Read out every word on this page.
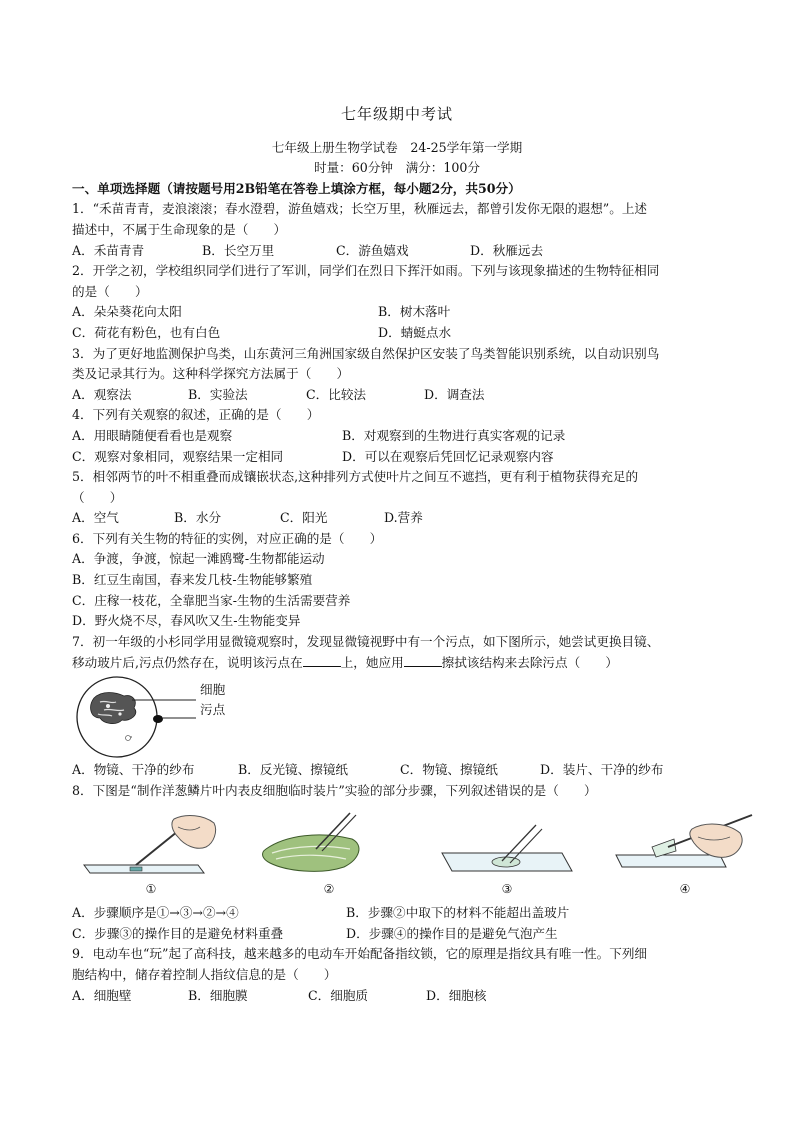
七年级期中考试
七年级上册生物学试卷　24-25学年第一学期
时量：60分钟　满分：100分
一、单项选择题（请按题号用2B铅笔在答卷上填涂方框，每小题2分，共50分）
1．“禾苗青青，麦浪滚滚；春水澄碧，游鱼嬉戏；长空万里，秋雁远去，都曾引发你无限的遐想”。上述
描述中，不属于生命现象的是（　　）
A．禾苗青青	B．长空万里	C．游鱼嬉戏	D．秋雁远去
2．开学之初，学校组织同学们进行了军训，同学们在烈日下挥汗如雨。下列与该现象描述的生物特征相同
的是（　　）
A．朵朵葵花向太阳	B．树木落叶
C．荷花有粉色，也有白色	D．蜻蜓点水
3．为了更好地监测保护鸟类，山东黄河三角洲国家级自然保护区安装了鸟类智能识别系统，以自动识别鸟
类及记录其行为。这种科学探究方法属于（　　）
A．观察法	B．实验法	C．比较法	D．调查法
4．下列有关观察的叙述，正确的是（　　）
A．用眼睛随便看看也是观察	B．对观察到的生物进行真实客观的记录
C．观察对象相同，观察结果一定相同	D．可以在观察后凭回忆记录观察内容
5．相邻两节的叶不相重叠而成镶嵌状态,这种排列方式使叶片之间互不遮挡，更有利于植物获得充足的
（　　）
A．空气	B．水分	C．阳光	D.营养
6．下列有关生物的特征的实例，对应正确的是（　　）
A．争渡，争渡，惊起一滩鸥鹭-生物都能运动
B．红豆生南国，春来发几枝-生物能够繁殖
C．庄稼一枝花，全靠肥当家-生物的生活需要营养
D．野火烧不尽，春风吹又生-生物能变异
7．初一年级的小杉同学用显微镜观察时，发现显微镜视野中有一个污点，如下图所示，她尝试更换目镜、
移动玻片后,污点仍然存在，说明该污点在	上，她应用	擦拭该结构来去除污点（　　）
细胞
污点
A．物镜、干净的纱布	B．反光镜、擦镜纸	C．物镜、擦镜纸	D．装片、干净的纱布
8．下图是“制作洋葱鳞片叶内表皮细胞临时装片”实验的部分步骤，下列叙述错误的是（　　）
①	②	③	④
A．步骤顺序是①→③→②→④	B．步骤②中取下的材料不能超出盖玻片
C．步骤③的操作目的是避免材料重叠	D．步骤④的操作目的是避免气泡产生
9．电动车也“玩”起了高科技，越来越多的电动车开始配备指纹锁，它的原理是指纹具有唯一性。下列细
胞结构中，储存着控制人指纹信息的是（　　）
A．细胞壁	B．细胞膜	C．细胞质	D．细胞核
